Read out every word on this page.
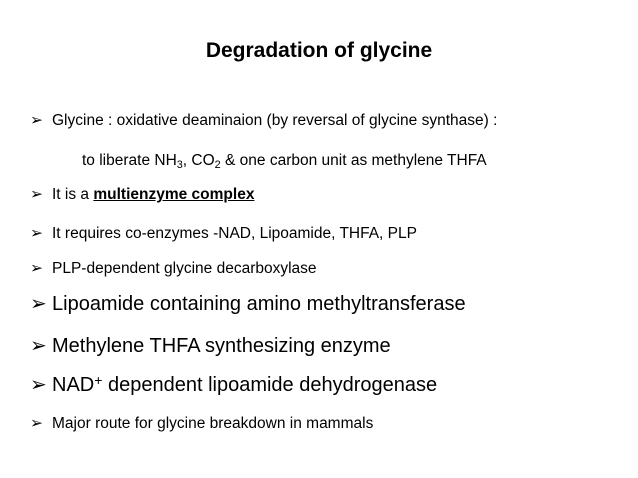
Degradation of glycine
➢ Glycine : oxidative deaminaion (by reversal of glycine synthase) :
to liberate $NH_3$, $CO_2$ & one carbon unit as methylene THFA
➢ It is a multienzyme complex
➢ It requires co-enzymes -NAD, Lipoamide, THFA, PLP
➢ PLP-dependent glycine decarboxylase
➢ Lipoamide containing amino methyltransferase
➢ Methylene THFA synthesizing enzyme
➢ NAD+ dependent lipoamide dehydrogenase
➢ Major route for glycine breakdown in mammals
